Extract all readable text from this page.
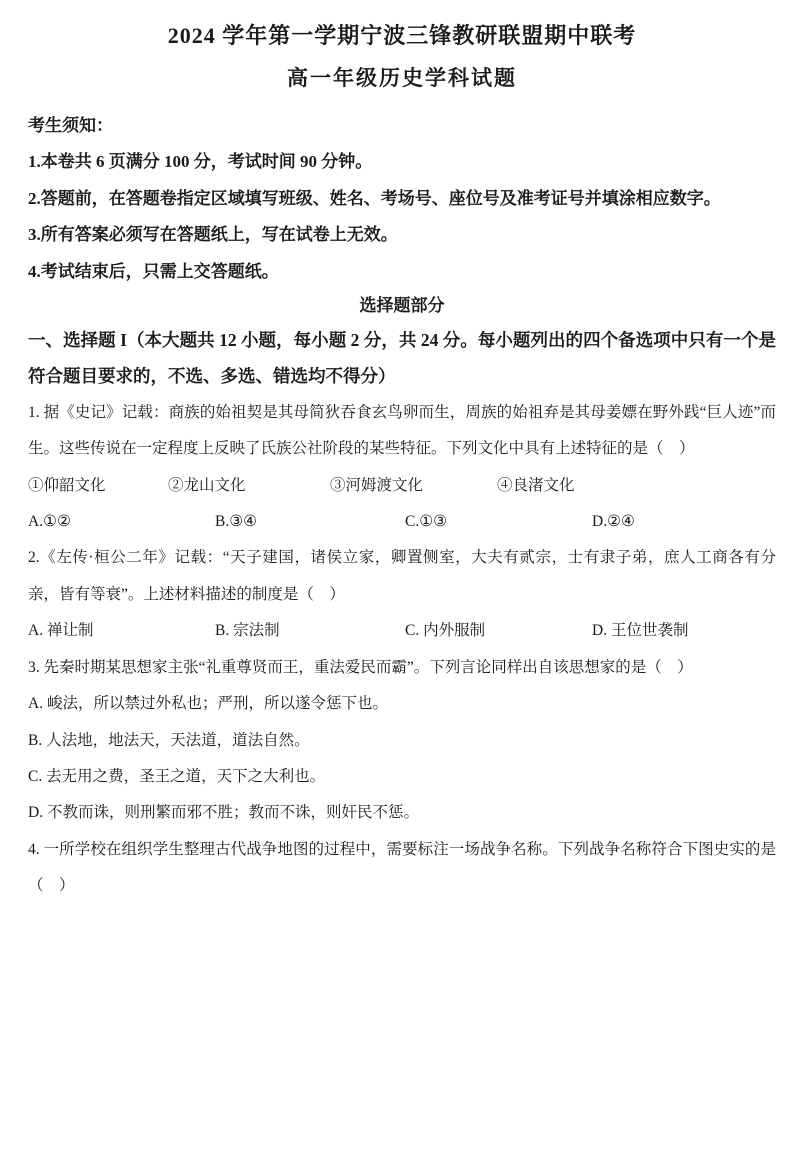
2024 学年第一学期宁波三锋教研联盟期中联考
高一年级历史学科试题

考生须知：

1.本卷共 6 页满分 100 分，考试时间 90 分钟。

2.答题前，在答题卷指定区域填写班级、姓名、考场号、座位号及准考证号并填涂相应数字。

3.所有答案必须写在答题纸上，写在试卷上无效。

4.考试结束后，只需上交答题纸。

选择题部分

一、选择题 I（本大题共 12 小题，每小题 2 分，共 24 分。每小题列出的四个备选项中只有一个是符合题目要求的，不选、多选、错选均不得分）

1. 据《史记》记载：商族的始祖契是其母简狄吞食玄鸟卵而生，周族的始祖弃是其母姜嫖在野外践“巨人迹”而生。这些传说在一定程度上反映了氏族公社阶段的某些特征。下列文化中具有上述特征的是（　）

①仰韶文化	②龙山文化	③河姆渡文化	④良渚文化
A.①②	B.③④	C.①③	D.②④

2.《左传·桓公二年》记载：“天子建国，诸侯立家，卿置侧室，大夫有贰宗，士有隶子弟，庶人工商各有分亲，皆有等衰”。上述材料描述的制度是（　）

A. 禅让制	B. 宗法制	C. 内外服制	D. 王位世袭制

3. 先秦时期某思想家主张“礼重尊贤而王，重法爱民而霸”。下列言论同样出自该思想家的是（　）

A. 峻法，所以禁过外私也；严刑，所以遂令惩下也。

B. 人法地，地法天，天法道，道法自然。

C. 去无用之费，圣王之道，天下之大利也。

D. 不教而诛，则刑繁而邪不胜；教而不诛，则奸民不惩。

4. 一所学校在组织学生整理古代战争地图的过程中，需要标注一场战争名称。下列战争名称符合下图史实的是（　）
